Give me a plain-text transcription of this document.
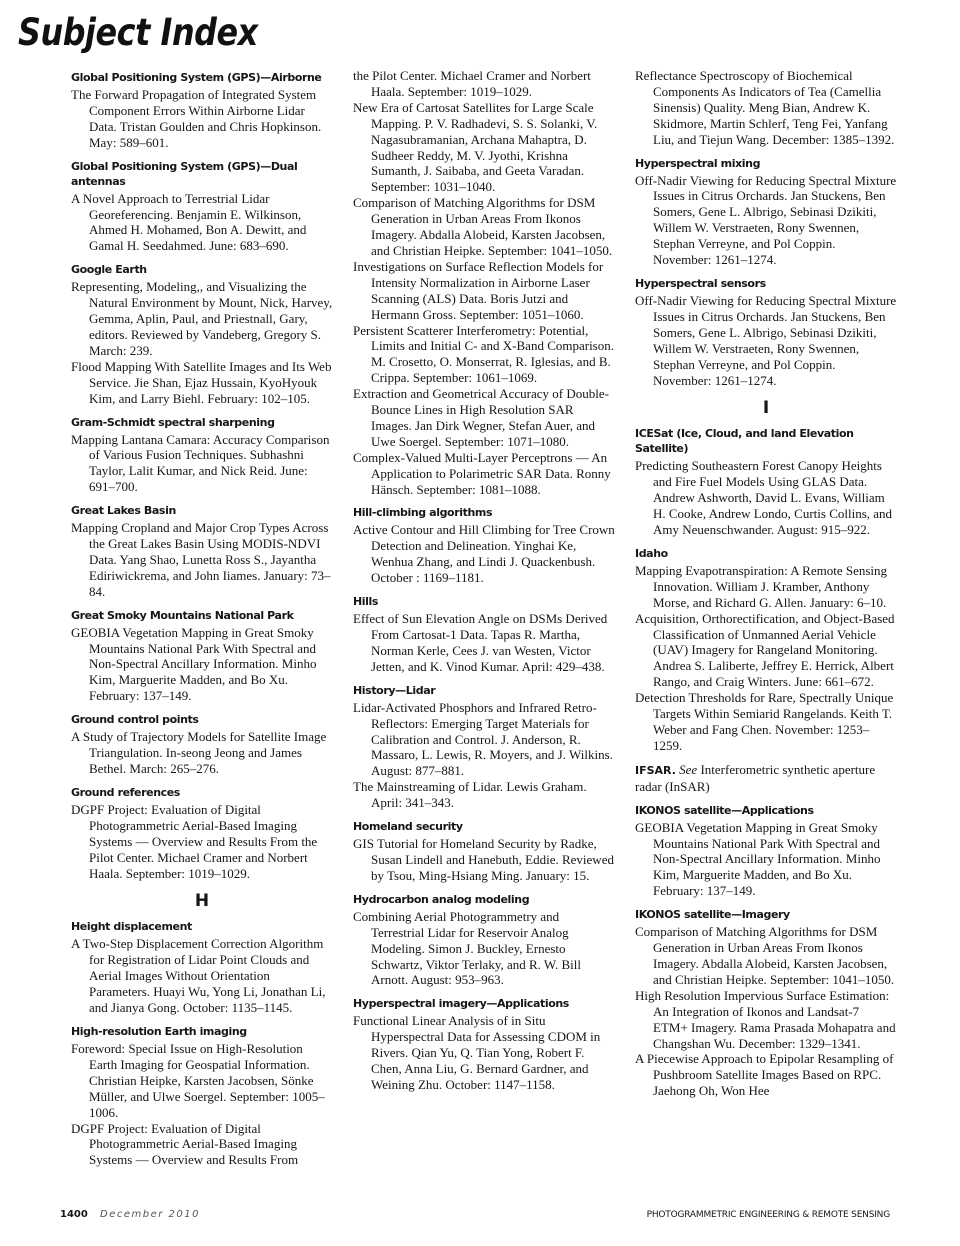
Subject Index
Global Positioning System (GPS)—Airborne
The Forward Propagation of Integrated System Component Errors Within Airborne Lidar Data. Tristan Goulden and Chris Hopkinson. May: 589–601.
Global Positioning System (GPS)—Dual antennas
A Novel Approach to Terrestrial Lidar Georeferencing. Benjamin E. Wilkinson, Ahmed H. Mohamed, Bon A. Dewitt, and Gamal H. Seedahmed. June: 683–690.
Google Earth
Representing, Modeling,, and Visualizing the Natural Environment by Mount, Nick, Harvey, Gemma, Aplin, Paul, and Priestnall, Gary, editors. Reviewed by Vandeberg, Gregory S. March: 239.
Flood Mapping With Satellite Images and Its Web Service. Jie Shan, Ejaz Hussain, KyoHyouk Kim, and Larry Biehl. February: 102–105.
Gram-Schmidt spectral sharpening
Mapping Lantana Camara: Accuracy Comparison of Various Fusion Techniques. Subhashni Taylor, Lalit Kumar, and Nick Reid. June: 691–700.
Great Lakes Basin
Mapping Cropland and Major Crop Types Across the Great Lakes Basin Using MODIS-NDVI Data. Yang Shao, Lunetta Ross S., Jayantha Ediriwickrema, and John Iiames. January: 73–84.
Great Smoky Mountains National Park
GEOBIA Vegetation Mapping in Great Smoky Mountains National Park With Spectral and Non-Spectral Ancillary Information. Minho Kim, Marguerite Madden, and Bo Xu. February: 137–149.
Ground control points
A Study of Trajectory Models for Satellite Image Triangulation. In-seong Jeong and James Bethel. March: 265–276.
Ground references
DGPF Project: Evaluation of Digital Photogrammetric Aerial-Based Imaging Systems — Overview and Results From the Pilot Center. Michael Cramer and Norbert Haala. September: 1019–1029.
H
Height displacement
A Two-Step Displacement Correction Algorithm for Registration of Lidar Point Clouds and Aerial Images Without Orientation Parameters. Huayi Wu, Yong Li, Jonathan Li, and Jianya Gong. October: 1135–1145.
High-resolution Earth imaging
Foreword: Special Issue on High-Resolution Earth Imaging for Geospatial Information. Christian Heipke, Karsten Jacobsen, Sönke Müller, and Ulwe Soergel. September: 1005–1006.
DGPF Project: Evaluation of Digital Photogrammetric Aerial-Based Imaging Systems — Overview and Results From
the Pilot Center. Michael Cramer and Norbert Haala. September: 1019–1029.
New Era of Cartosat Satellites for Large Scale Mapping. P. V. Radhadevi, S. S. Solanki, V. Nagasubramanian, Archana Mahaptra, D. Sudheer Reddy, M. V. Jyothi, Krishna Sumanth, J. Saibaba, and Geeta Varadan. September: 1031–1040.
Comparison of Matching Algorithms for DSM Generation in Urban Areas From Ikonos Imagery. Abdalla Alobeid, Karsten Jacobsen, and Christian Heipke. September: 1041–1050.
Investigations on Surface Reflection Models for Intensity Normalization in Airborne Laser Scanning (ALS) Data. Boris Jutzi and Hermann Gross. September: 1051–1060.
Persistent Scatterer Interferometry: Potential, Limits and Initial C- and X-Band Comparison. M. Crosetto, O. Monserrat, R. Iglesias, and B. Crippa. September: 1061–1069.
Extraction and Geometrical Accuracy of Double-Bounce Lines in High Resolution SAR Images. Jan Dirk Wegner, Stefan Auer, and Uwe Soergel. September: 1071–1080.
Complex-Valued Multi-Layer Perceptrons — An Application to Polarimetric SAR Data. Ronny Hänsch. September: 1081–1088.
Hill-climbing algorithms
Active Contour and Hill Climbing for Tree Crown Detection and Delineation. Yinghai Ke, Wenhua Zhang, and Lindi J. Quackenbush. October : 1169–1181.
Hills
Effect of Sun Elevation Angle on DSMs Derived From Cartosat-1 Data. Tapas R. Martha, Norman Kerle, Cees J. van Westen, Victor Jetten, and K. Vinod Kumar. April: 429–438.
History—Lidar
Lidar-Activated Phosphors and Infrared Retro-Reflectors: Emerging Target Materials for Calibration and Control. J. Anderson, R. Massaro, L. Lewis, R. Moyers, and J. Wilkins. August: 877–881.
The Mainstreaming of Lidar. Lewis Graham. April: 341–343.
Homeland security
GIS Tutorial for Homeland Security by Radke, Susan Lindell and Hanebuth, Eddie. Reviewed by Tsou, Ming-Hsiang Ming. January: 15.
Hydrocarbon analog modeling
Combining Aerial Photogrammetry and Terrestrial Lidar for Reservoir Analog Modeling. Simon J. Buckley, Ernesto Schwartz, Viktor Terlaky, and R. W. Bill Arnott. August: 953–963.
Hyperspectral imagery—Applications
Functional Linear Analysis of in Situ Hyperspectral Data for Assessing CDOM in Rivers. Qian Yu, Q. Tian Yong, Robert F. Chen, Anna Liu, G. Bernard Gardner, and Weining Zhu. October: 1147–1158.
Reflectance Spectroscopy of Biochemical Components As Indicators of Tea (Camellia Sinensis) Quality. Meng Bian, Andrew K. Skidmore, Martin Schlerf, Teng Fei, Yanfang Liu, and Tiejun Wang. December: 1385–1392.
Hyperspectral mixing
Off-Nadir Viewing for Reducing Spectral Mixture Issues in Citrus Orchards. Jan Stuckens, Ben Somers, Gene L. Albrigo, Sebinasi Dzikiti, Willem W. Verstraeten, Rony Swennen, Stephan Verreyne, and Pol Coppin. November: 1261–1274.
Hyperspectral sensors
Off-Nadir Viewing for Reducing Spectral Mixture Issues in Citrus Orchards. Jan Stuckens, Ben Somers, Gene L. Albrigo, Sebinasi Dzikiti, Willem W. Verstraeten, Rony Swennen, Stephan Verreyne, and Pol Coppin. November: 1261–1274.
I
ICESat (Ice, Cloud, and land Elevation Satellite)
Predicting Southeastern Forest Canopy Heights and Fire Fuel Models Using GLAS Data. Andrew Ashworth, David L. Evans, William H. Cooke, Andrew Londo, Curtis Collins, and Amy Neuenschwander. August: 915–922.
Idaho
Mapping Evapotranspiration: A Remote Sensing Innovation. William J. Kramber, Anthony Morse, and Richard G. Allen. January: 6–10.
Acquisition, Orthorectification, and Object-Based Classification of Unmanned Aerial Vehicle (UAV) Imagery for Rangeland Monitoring. Andrea S. Laliberte, Jeffrey E. Herrick, Albert Rango, and Craig Winters. June: 661–672.
Detection Thresholds for Rare, Spectrally Unique Targets Within Semiarid Rangelands. Keith T. Weber and Fang Chen. November: 1253–1259.
IFSAR. See Interferometric synthetic aperture radar (InSAR)
IKONOS satellite—Applications
GEOBIA Vegetation Mapping in Great Smoky Mountains National Park With Spectral and Non-Spectral Ancillary Information. Minho Kim, Marguerite Madden, and Bo Xu. February: 137–149.
IKONOS satellite—Imagery
Comparison of Matching Algorithms for DSM Generation in Urban Areas From Ikonos Imagery. Abdalla Alobeid, Karsten Jacobsen, and Christian Heipke. September: 1041–1050.
High Resolution Impervious Surface Estimation: An Integration of Ikonos and Landsat-7 ETM+ Imagery. Rama Prasada Mohapatra and Changshan Wu. December: 1329–1341.
A Piecewise Approach to Epipolar Resampling of Pushbroom Satellite Images Based on RPC. Jaehong Oh, Won Hee
1400 December 2010	PHOTOGRAMMETRIC ENGINEERING & REMOTE SENSING
